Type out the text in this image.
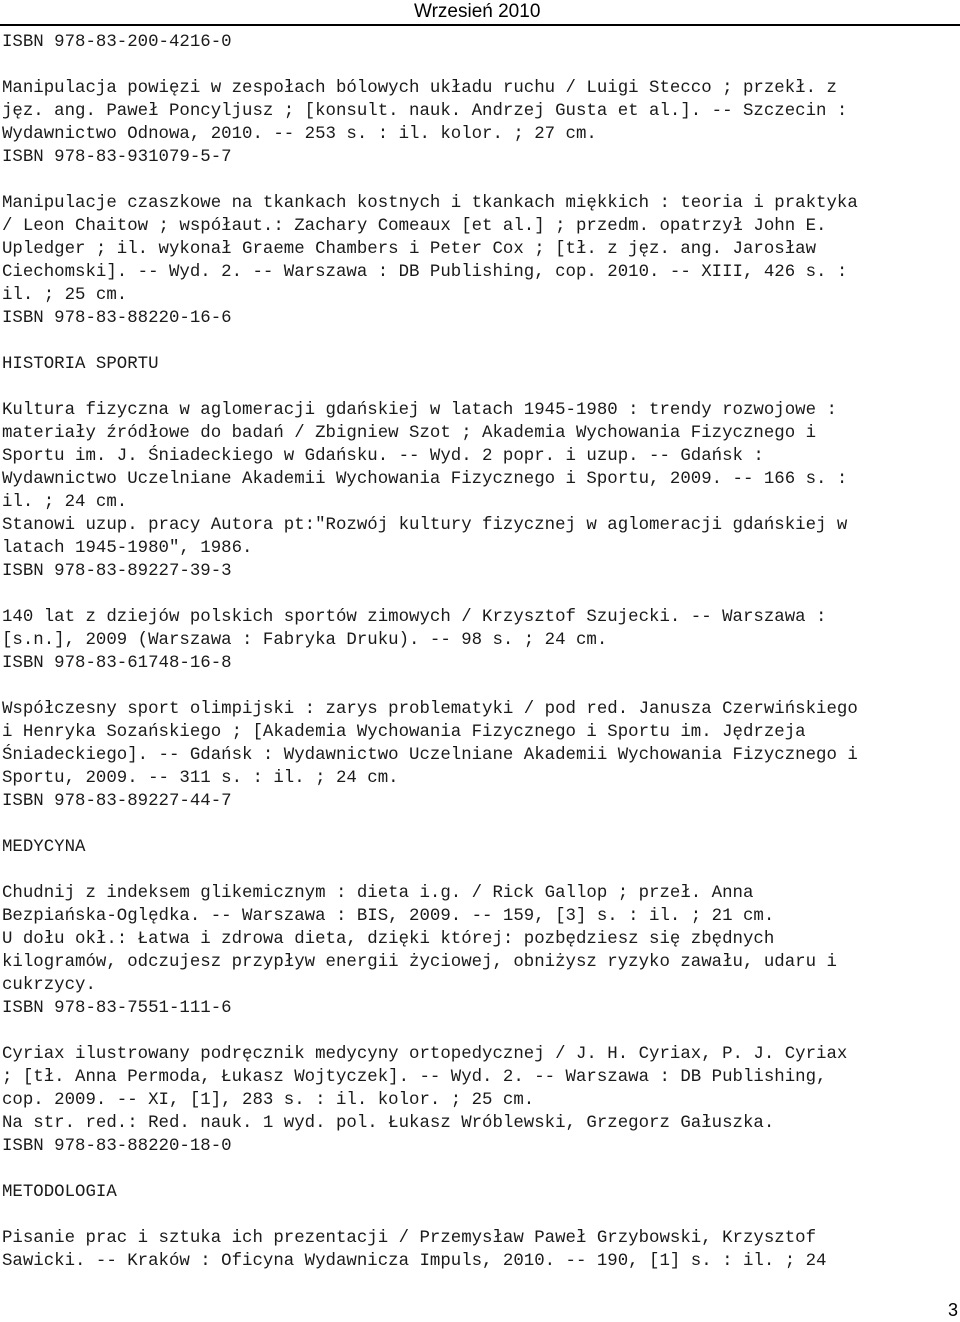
Wrzesień 2010
ISBN 978-83-200-4216-0
Manipulacja powięzi w zespołach bólowych układu ruchu / Luigi Stecco ; przekł. z
jęz. ang. Paweł Poncyljusz ; [konsult. nauk. Andrzej Gusta et al.]. -- Szczecin :
Wydawnictwo Odnowa, 2010. -- 253 s. : il. kolor. ; 27 cm.
ISBN 978-83-931079-5-7
Manipulacje czaszkowe na tkankach kostnych i tkankach miękkich : teoria i praktyka
/ Leon Chaitow ; współaut.: Zachary Comeaux [et al.] ; przedm. opatrzył John E.
Upledger ; il. wykonał Graeme Chambers i Peter Cox ; [tł. z jęz. ang. Jarosław
Ciechomski]. -- Wyd. 2. -- Warszawa : DB Publishing, cop. 2010. -- XIII, 426 s. :
il. ; 25 cm.
ISBN 978-83-88220-16-6
HISTORIA SPORTU
Kultura fizyczna w aglomeracji gdańskiej w latach 1945-1980 : trendy rozwojowe :
materiały źródłowe do badań / Zbigniew Szot ; Akademia Wychowania Fizycznego i
Sportu im. J. Śniadeckiego w Gdańsku. -- Wyd. 2 popr. i uzup. -- Gdańsk :
Wydawnictwo Uczelniane Akademii Wychowania Fizycznego i Sportu, 2009. -- 166 s. :
il. ; 24 cm.
Stanowi uzup. pracy Autora pt:"Rozwój kultury fizycznej w aglomeracji gdańskiej w
latach 1945-1980", 1986.
ISBN 978-83-89227-39-3
140 lat z dziejów polskich sportów zimowych / Krzysztof Szujecki. -- Warszawa :
[s.n.], 2009 (Warszawa : Fabryka Druku). -- 98 s. ; 24 cm.
ISBN 978-83-61748-16-8
Współczesny sport olimpijski : zarys problematyki / pod red. Janusza Czerwińskiego
i Henryka Sozańskiego ; [Akademia Wychowania Fizycznego i Sportu im. Jędrzeja
Śniadeckiego]. -- Gdańsk : Wydawnictwo Uczelniane Akademii Wychowania Fizycznego i
Sportu, 2009. -- 311 s. : il. ; 24 cm.
ISBN 978-83-89227-44-7
MEDYCYNA
Chudnij z indeksem glikemicznym : dieta i.g. / Rick Gallop ; przeł. Anna
Bezpiańska-Oględka. -- Warszawa : BIS, 2009. -- 159, [3] s. : il. ; 21 cm.
U dołu okł.: Łatwa i zdrowa dieta, dzięki której: pozbędziesz się zbędnych
kilogramów, odczujesz przypływ energii życiowej, obniżysz ryzyko zawału, udaru i
cukrzycy.
ISBN 978-83-7551-111-6
Cyriax ilustrowany podręcznik medycyny ortopedycznej / J. H. Cyriax, P. J. Cyriax
; [tł. Anna Permoda, Łukasz Wojtyczek]. -- Wyd. 2. -- Warszawa : DB Publishing,
cop. 2009. -- XI, [1], 283 s. : il. kolor. ; 25 cm.
Na str. red.: Red. nauk. 1 wyd. pol. Łukasz Wróblewski, Grzegorz Gałuszka.
ISBN 978-83-88220-18-0
METODOLOGIA
Pisanie prac i sztuka ich prezentacji / Przemysław Paweł Grzybowski, Krzysztof
Sawicki. -- Kraków : Oficyna Wydawnicza Impuls, 2010. -- 190, [1] s. : il. ; 24
3
